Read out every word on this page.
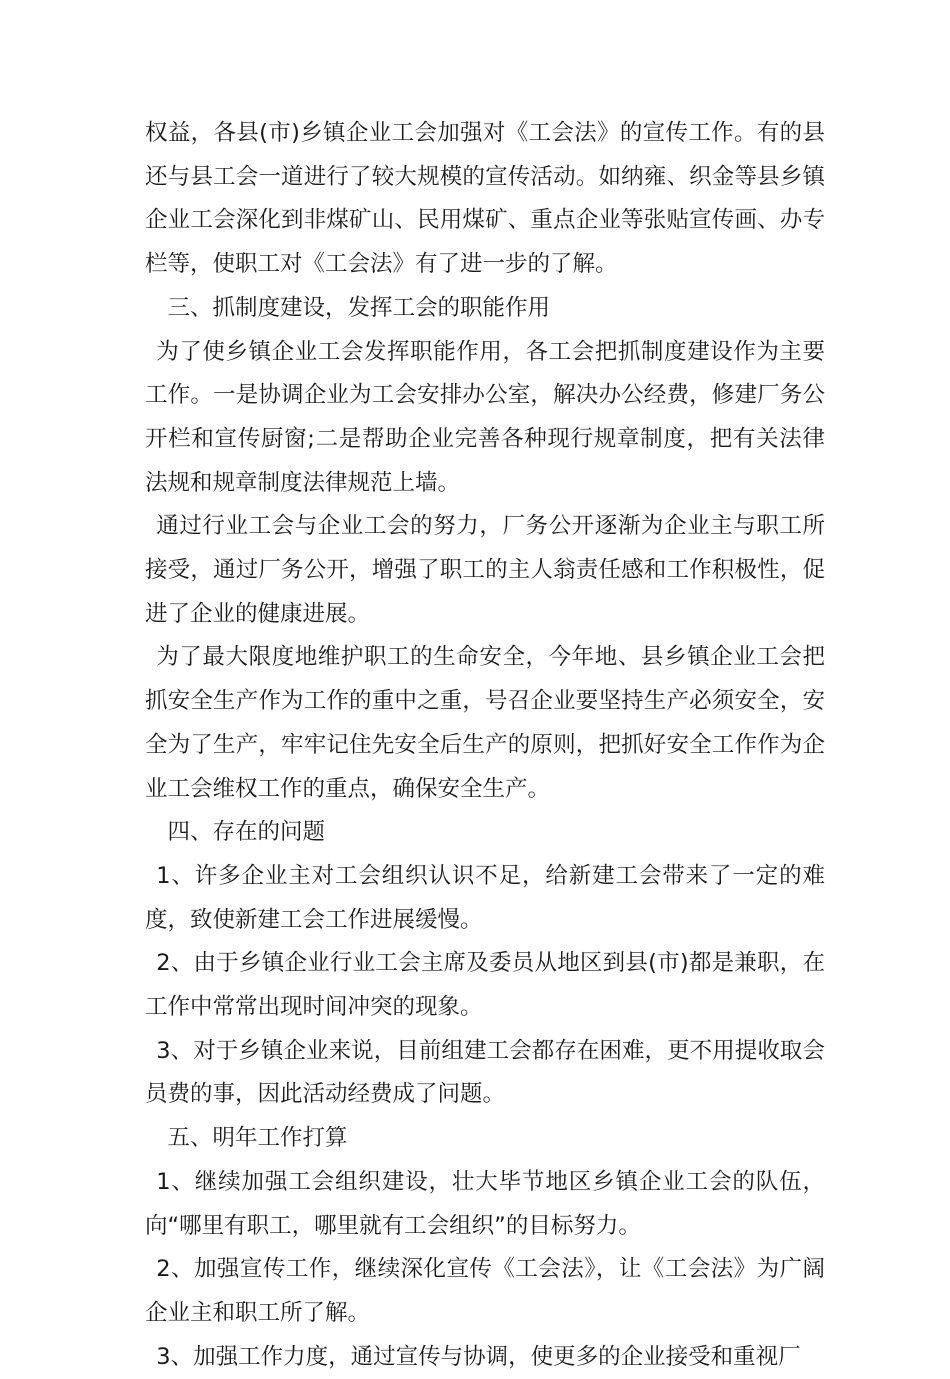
权益，各县(市)乡镇企业工会加强对《工会法》的宣传工作。有的县还与县工会一道进行了较大规模的宣传活动。如纳雍、织金等县乡镇企业工会深化到非煤矿山、民用煤矿、重点企业等张贴宣传画、办专栏等，使职工对《工会法》有了进一步的了解。

三、抓制度建设，发挥工会的职能作用

为了使乡镇企业工会发挥职能作用，各工会把抓制度建设作为主要工作。一是协调企业为工会安排办公室，解决办公经费，修建厂务公开栏和宣传厨窗;二是帮助企业完善各种现行规章制度，把有关法律法规和规章制度法律规范上墙。

通过行业工会与企业工会的努力，厂务公开逐渐为企业主与职工所接受，通过厂务公开，增强了职工的主人翁责任感和工作积极性，促进了企业的健康进展。

为了最大限度地维护职工的生命安全，今年地、县乡镇企业工会把抓安全生产作为工作的重中之重，号召企业要坚持生产必须安全，安全为了生产，牢牢记住先安全后生产的原则，把抓好安全工作作为企业工会维权工作的重点，确保安全生产。

四、存在的问题

1、许多企业主对工会组织认识不足，给新建工会带来了一定的难度，致使新建工会工作进展缓慢。

2、由于乡镇企业行业工会主席及委员从地区到县(市)都是兼职，在工作中常常出现时间冲突的现象。

3、对于乡镇企业来说，目前组建工会都存在困难，更不用提收取会员费的事，因此活动经费成了问题。

五、明年工作打算

1、继续加强工会组织建设，壮大毕节地区乡镇企业工会的队伍，向“哪里有职工，哪里就有工会组织”的目标努力。

2、加强宣传工作，继续深化宣传《工会法》，让《工会法》为广阔企业主和职工所了解。

3、加强工作力度，通过宣传与协调，使更多的企业接受和重视厂
